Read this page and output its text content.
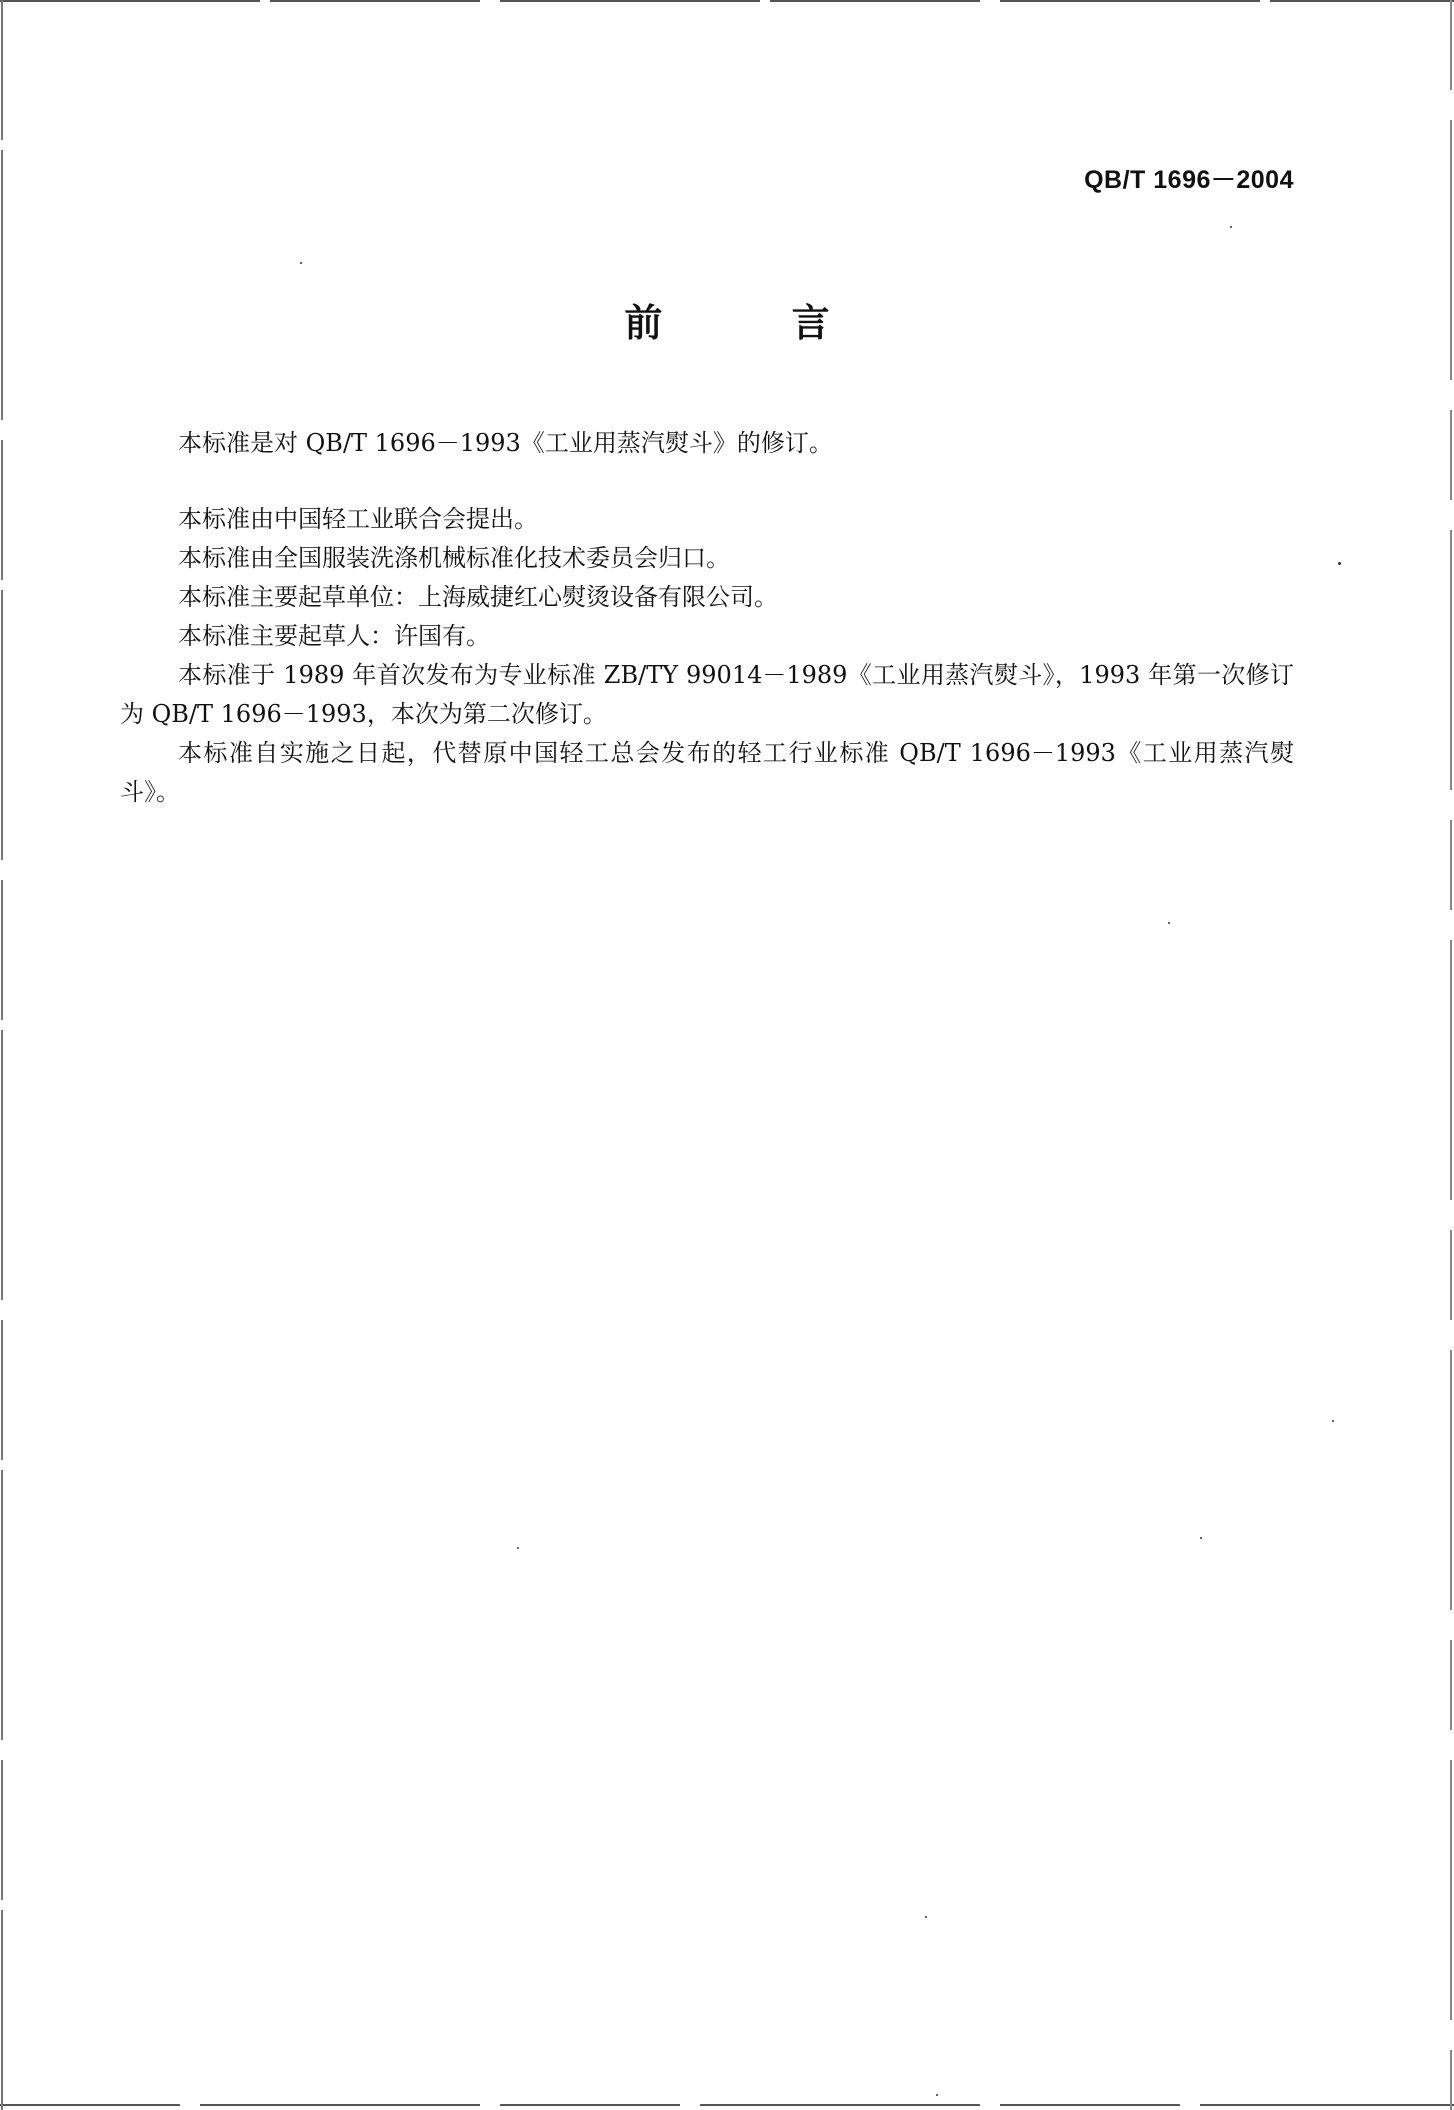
QB/T 1696－2004
前 言

本标准是对 QB/T 1696－1993《工业用蒸汽熨斗》的修订。

本标准由中国轻工业联合会提出。

本标准由全国服装洗涤机械标准化技术委员会归口。

本标准主要起草单位：上海威捷红心熨烫设备有限公司。

本标准主要起草人：许国有。

本标准于 1989 年首次发布为专业标准 ZB/TY 99014－1989《工业用蒸汽熨斗》，1993 年第一次修订为 QB/T 1696－1993，本次为第二次修订。

本标准自实施之日起，代替原中国轻工总会发布的轻工行业标准 QB/T 1696－1993《工业用蒸汽熨斗》。
